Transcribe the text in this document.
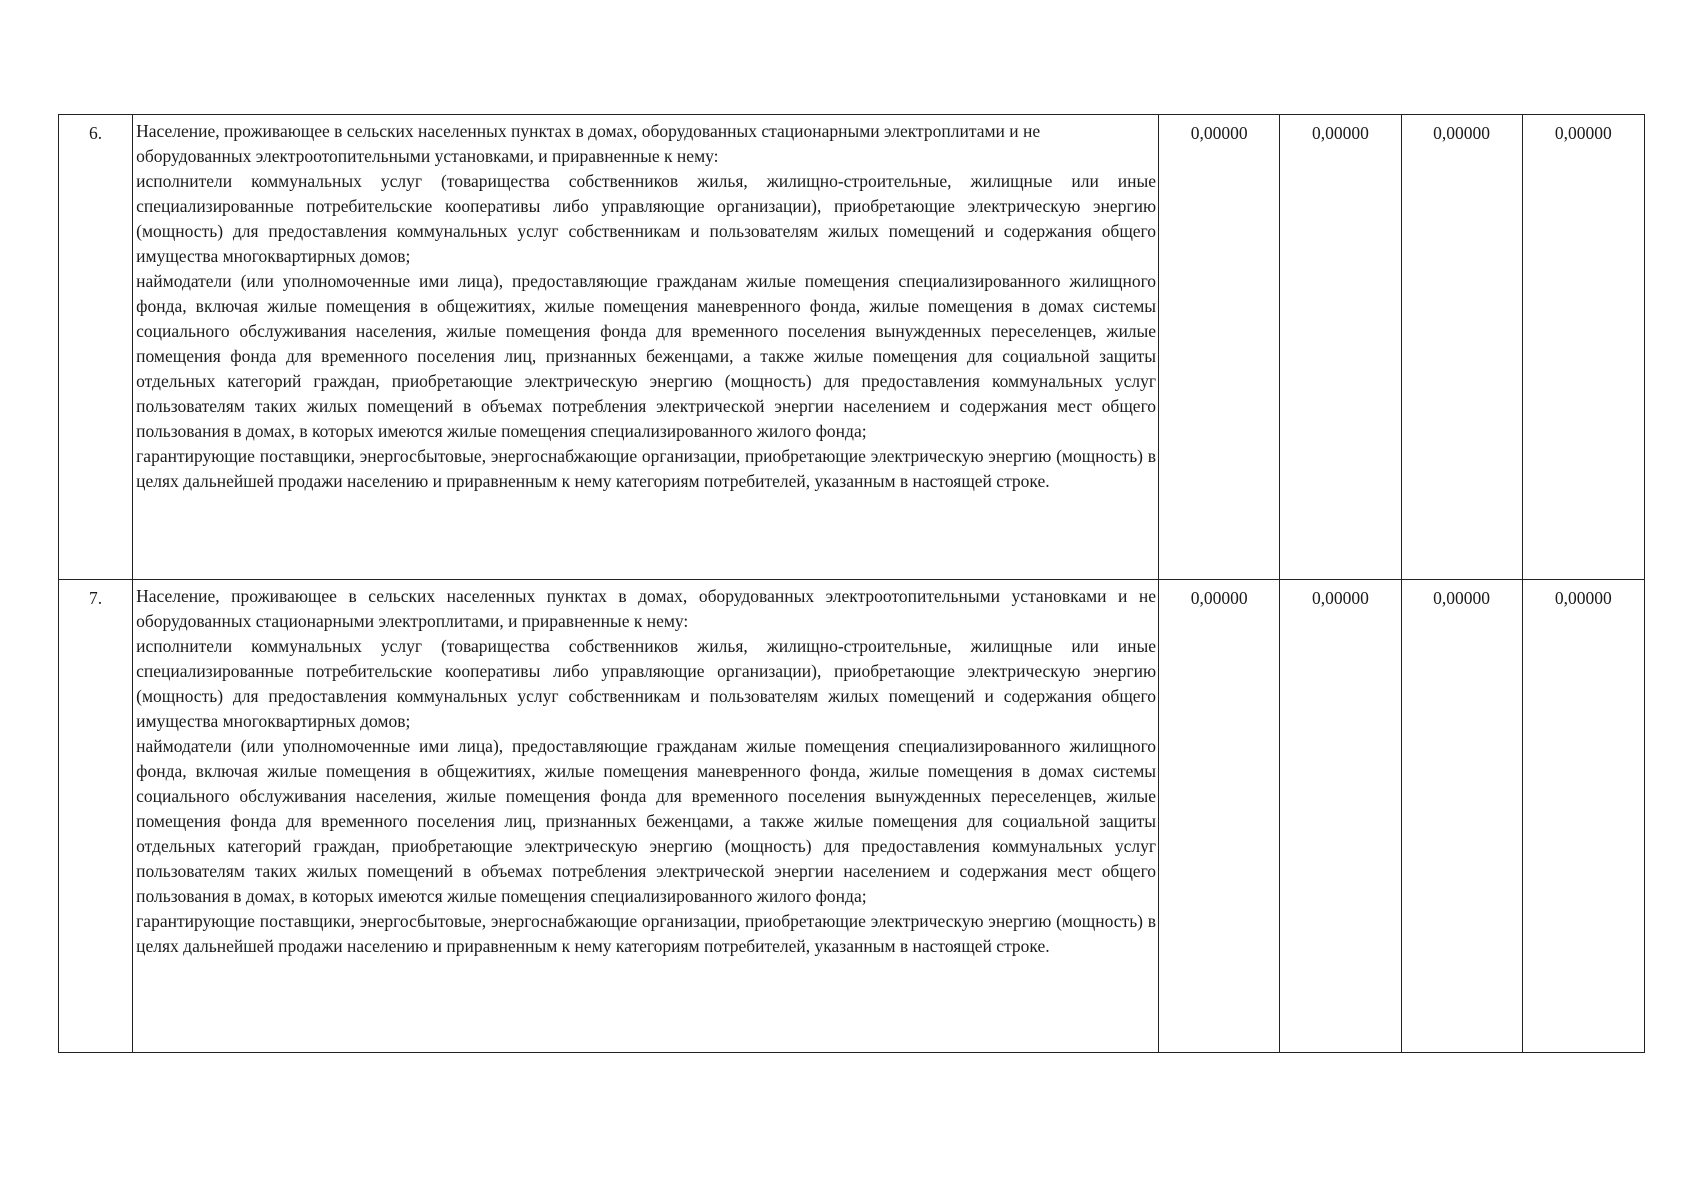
6.	Население, проживающее в сельских населенных пунктах в домах, оборудованных стационарными электроплитами и не оборудованных электроотопительными установками, и приравненные к нему:

исполнители коммунальных услуг (товарищества собственников жилья, жилищно-строительные, жилищные или иные специализированные потребительские кооперативы либо управляющие организации), приобретающие электрическую энергию (мощность) для предоставления коммунальных услуг собственникам и пользователям жилых помещений и содержания общего имущества многоквартирных домов;

наймодатели (или уполномоченные ими лица), предоставляющие гражданам жилые помещения специализированного жилищного фонда, включая жилые помещения в общежитиях, жилые помещения маневренного фонда, жилые помещения в домах системы социального обслуживания населения, жилые помещения фонда для временного поселения вынужденных переселенцев, жилые помещения фонда для временного поселения лиц, признанных беженцами, а также жилые помещения для социальной защиты отдельных категорий граждан, приобретающие электрическую энергию (мощность) для предоставления коммунальных услуг пользователям таких жилых помещений в объемах потребления электрической энергии населением и содержания мест общего пользования в домах, в которых имеются жилые помещения специализированного жилого фонда;

гарантирующие поставщики, энергосбытовые, энергоснабжающие организации, приобретающие электрическую энергию (мощность) в целях дальнейшей продажи населению и приравненным к нему категориям потребителей, указанным в настоящей строке.	0,00000	0,00000	0,00000	0,00000
7.	Население, проживающее в сельских населенных пунктах в домах, оборудованных электроотопительными установками и не оборудованных стационарными электроплитами, и приравненные к нему:

исполнители коммунальных услуг (товарищества собственников жилья, жилищно-строительные, жилищные или иные специализированные потребительские кооперативы либо управляющие организации), приобретающие электрическую энергию (мощность) для предоставления коммунальных услуг собственникам и пользователям жилых помещений и содержания общего имущества многоквартирных домов;

наймодатели (или уполномоченные ими лица), предоставляющие гражданам жилые помещения специализированного жилищного фонда, включая жилые помещения в общежитиях, жилые помещения маневренного фонда, жилые помещения в домах системы социального обслуживания населения, жилые помещения фонда для временного поселения вынужденных переселенцев, жилые помещения фонда для временного поселения лиц, признанных беженцами, а также жилые помещения для социальной защиты отдельных категорий граждан, приобретающие электрическую энергию (мощность) для предоставления коммунальных услуг пользователям таких жилых помещений в объемах потребления электрической энергии населением и содержания мест общего пользования в домах, в которых имеются жилые помещения специализированного жилого фонда;

гарантирующие поставщики, энергосбытовые, энергоснабжающие организации, приобретающие электрическую энергию (мощность) в целях дальнейшей продажи населению и приравненным к нему категориям потребителей, указанным в настоящей строке.	0,00000	0,00000	0,00000	0,00000
